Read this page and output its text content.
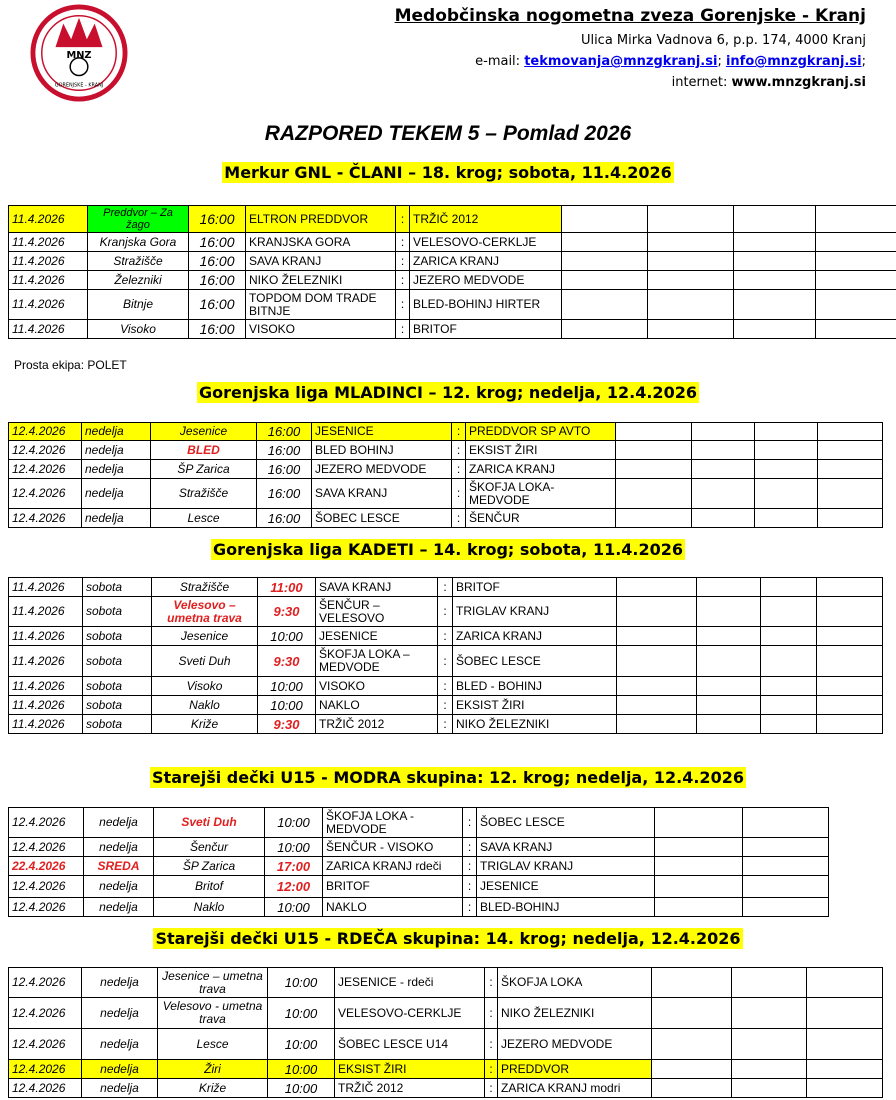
MNZ
GORENJSKE - KRANJ
Medobčinska nogometna zveza Gorenjske - Kranj
Ulica Mirka Vadnova 6, p.p. 174, 4000 Kranj
e-mail: tekmovanja@mnzgkranj.si; info@mnzgkranj.si;
internet: www.mnzgkranj.si
RAZPORED TEKEM 5 – Pomlad 2026
Merkur GNL - ČLANI – 18. krog; sobota, 11.4.2026
11.4.2026	Preddvor – Za žago	16:00	ELTRON PREDDVOR	:	TRŽIČ 2012					
11.4.2026	Kranjska Gora	16:00	KRANJSKA GORA	:	VELESOVO-CERKLJE					
11.4.2026	Stražišče	16:00	SAVA KRANJ	:	ZARICA KRANJ					
11.4.2026	Železniki	16:00	NIKO ŽELEZNIKI	:	JEZERO MEDVODE					
11.4.2026	Bitnje	16:00	TOPDOM DOM TRADE BITNJE	:	BLED-BOHINJ HIRTER					
11.4.2026	Visoko	16:00	VISOKO	:	BRITOF					
Prosta ekipa: POLET
Gorenjska liga MLADINCI – 12. krog; nedelja, 12.4.2026
12.4.2026	nedelja	Jesenice	16:00	JESENICE	:	PREDDVOR SP AVTO				
12.4.2026	nedelja	BLED	16:00	BLED BOHINJ	:	EKSIST ŽIRI				
12.4.2026	nedelja	ŠP Zarica	16:00	JEZERO MEDVODE	:	ZARICA KRANJ				
12.4.2026	nedelja	Stražišče	16:00	SAVA KRANJ	:	ŠKOFJA LOKA-MEDVODE				
12.4.2026	nedelja	Lesce	16:00	ŠOBEC LESCE	:	ŠENČUR				
Gorenjska liga KADETI – 14. krog; sobota, 11.4.2026
11.4.2026	sobota	Stražišče	11:00	SAVA KRANJ	:	BRITOF				
11.4.2026	sobota	Velesovo – umetna trava	9:30	ŠENČUR – VELESOVO	:	TRIGLAV KRANJ				
11.4.2026	sobota	Jesenice	10:00	JESENICE	:	ZARICA KRANJ				
11.4.2026	sobota	Sveti Duh	9:30	ŠKOFJA LOKA – MEDVODE	:	ŠOBEC LESCE				
11.4.2026	sobota	Visoko	10:00	VISOKO	:	BLED - BOHINJ				
11.4.2026	sobota	Naklo	10:00	NAKLO	:	EKSIST ŽIRI				
11.4.2026	sobota	Križe	9:30	TRŽIČ 2012	:	NIKO ŽELEZNIKI				
Starejši dečki U15 - MODRA skupina: 12. krog; nedelja, 12.4.2026
12.4.2026	nedelja	Sveti Duh	10:00	ŠKOFJA LOKA - MEDVODE	:	ŠOBEC LESCE		
12.4.2026	nedelja	Šenčur	10:00	ŠENČUR - VISOKO	:	SAVA KRANJ		
22.4.2026	SREDA	ŠP Zarica	17:00	ZARICA KRANJ rdeči	:	TRIGLAV KRANJ		
12.4.2026	nedelja	Britof	12:00	BRITOF	:	JESENICE		
12.4.2026	nedelja	Naklo	10:00	NAKLO	:	BLED-BOHINJ		
Starejši dečki U15 - RDEČA skupina: 14. krog; nedelja, 12.4.2026
12.4.2026	nedelja	Jesenice – umetna trava	10:00	JESENICE - rdeči	:	ŠKOFJA LOKA			
12.4.2026	nedelja	Velesovo - umetna trava	10:00	VELESOVO-CERKLJE	:	NIKO ŽELEZNIKI			
12.4.2026	nedelja	Lesce	10:00	ŠOBEC LESCE U14	:	JEZERO MEDVODE			
12.4.2026	nedelja	Žiri	10:00	EKSIST ŽIRI	:	PREDDVOR			
12.4.2026	nedelja	Križe	10:00	TRŽIČ 2012	:	ZARICA KRANJ modri			
